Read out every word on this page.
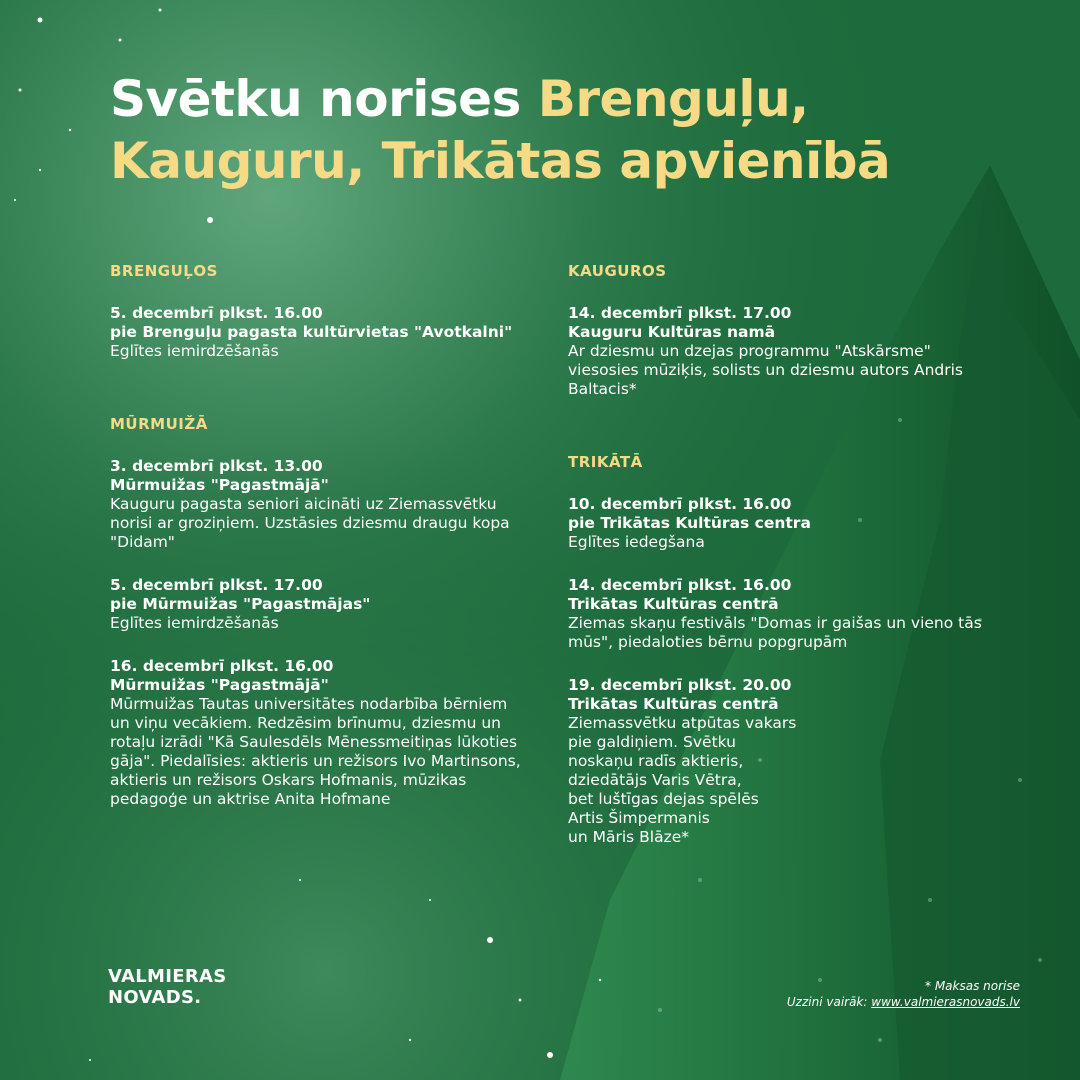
Svētku norises Brenguļu,
Kauguru, Trikātas apvienībā
BRENGUĻOS
5. decembrī plkst. 16.00
pie Brenguļu pagasta kultūrvietas "Avotkalni"
Eglītes iemirdzēšanās
MŪRMUIŽĀ
3. decembrī plkst. 13.00
Mūrmuižas "Pagastmājā"
Kauguru pagasta seniori aicināti uz Ziemassvētku norisi ar groziņiem. Uzstāsies dziesmu draugu kopa "Didam"
5. decembrī plkst. 17.00
pie Mūrmuižas "Pagastmājas"
Eglītes iemirdzēšanās
16. decembrī plkst. 16.00
Mūrmuižas "Pagastmājā"
Mūrmuižas Tautas universitātes nodarbība bērniem un viņu vecākiem. Redzēsim brīnumu, dziesmu un rotaļu izrādi "Kā Saulesdēls Mēnessmeitiņas lūkoties gāja". Piedalīsies: aktieris un režisors Ivo Martinsons, aktieris un režisors Oskars Hofmanis, mūzikas pedagoģe un aktrise Anita Hofmane
KAUGUROS
14. decembrī plkst. 17.00
Kauguru Kultūras namā
Ar dziesmu un dzejas programmu "Atskārsme" viesosies mūziķis, solists un dziesmu autors Andris Baltacis*
TRIKĀTĀ
10. decembrī plkst. 16.00
pie Trikātas Kultūras centra
Eglītes iedegšana
14. decembrī plkst. 16.00
Trikātas Kultūras centrā
Ziemas skaņu festivāls "Domas ir gaišas un vieno tās mūs", piedaloties bērnu popgrupām
19. decembrī plkst. 20.00
Trikātas Kultūras centrā
Ziemassvētku atpūtas vakars
pie galdiņiem. Svētku
noskaņu radīs aktieris,
dziedātājs Varis Vētra,
bet luštīgas dejas spēlēs
Artis Šimpermanis
un Māris Blāze*
VALMIERAS
NOVADS.
* Maksas norise
Uzzini vairāk: www.valmierasnovads.lv
